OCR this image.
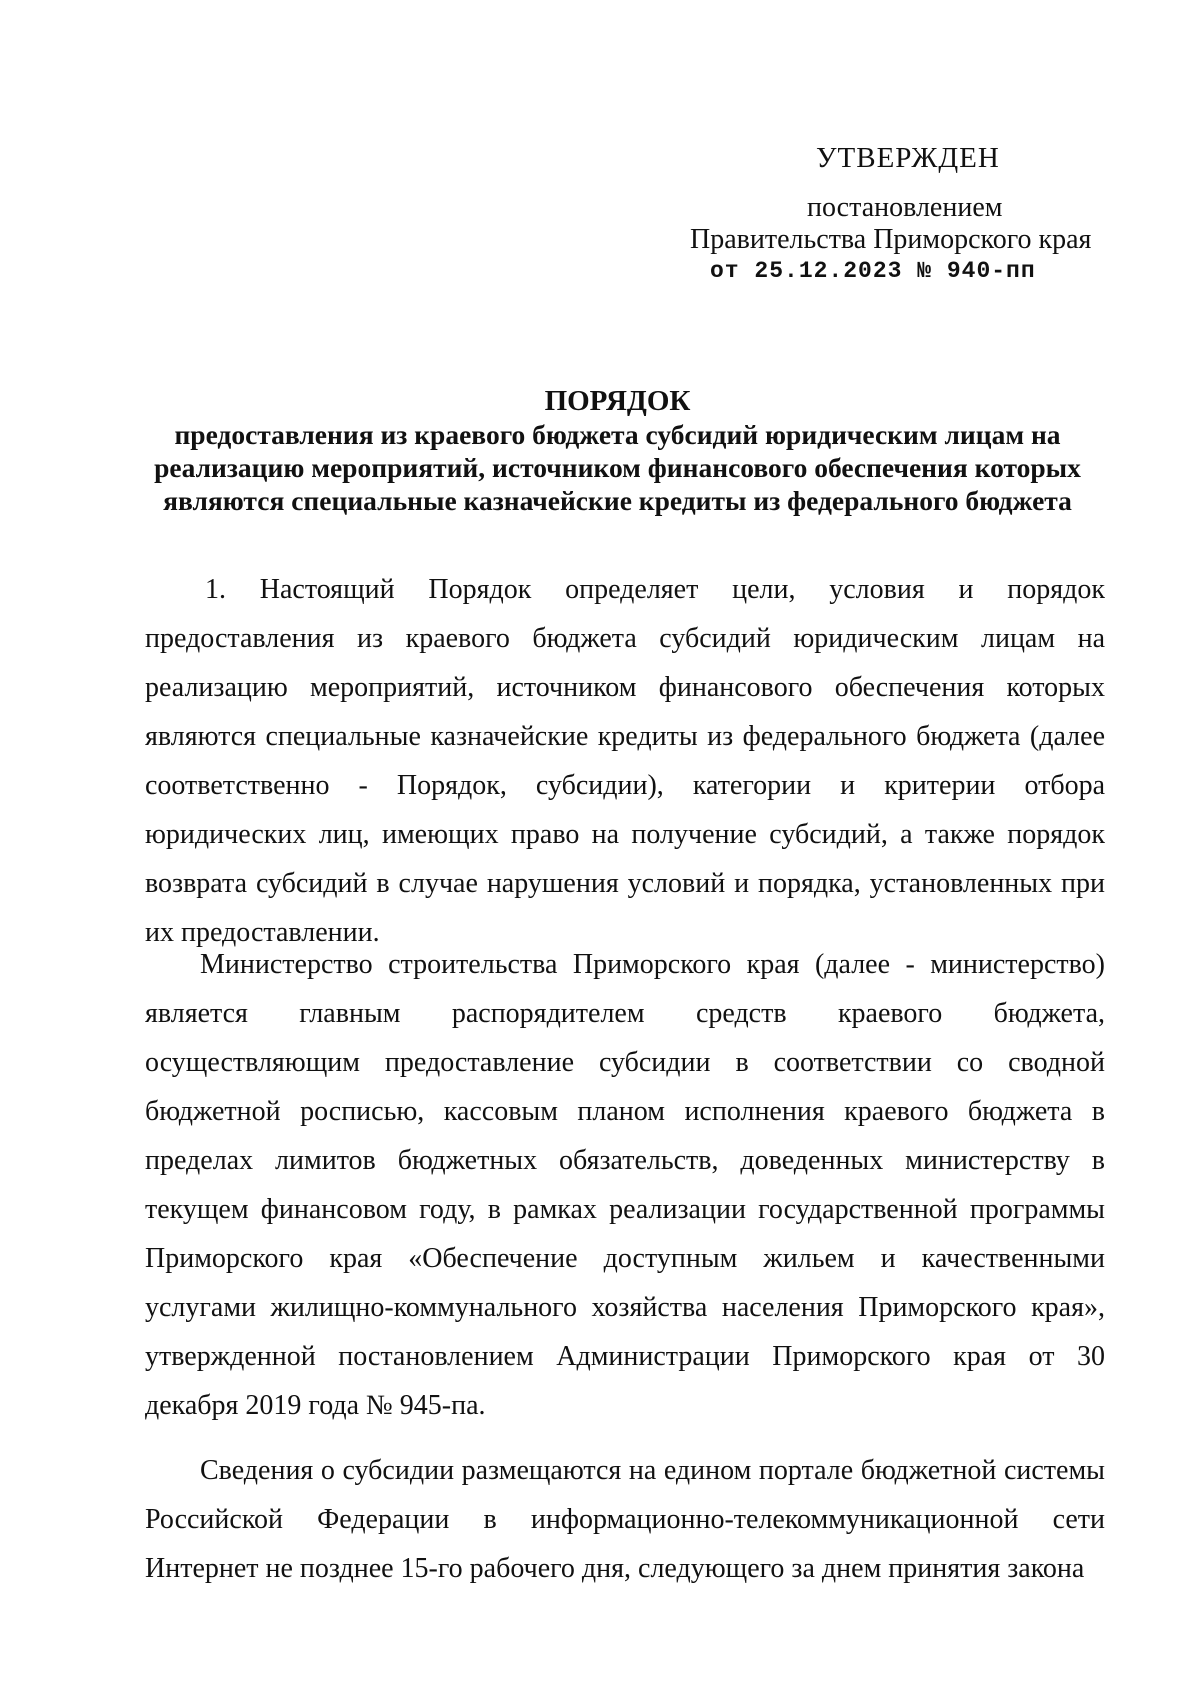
УТВЕРЖДЕН
постановлением
Правительства Приморского края
от 25.12.2023 № 940-пп
ПОРЯДОК
предоставления из краевого бюджета субсидий юридическим лицам на
реализацию мероприятий, источником финансового обеспечения которых
являются специальные казначейские кредиты из федерального бюджета

1. Настоящий Порядок определяет цели, условия и порядок предоставления из краевого бюджета субсидий юридическим лицам на реализацию мероприятий, источником финансового обеспечения которых являются специальные казначейские кредиты из федерального бюджета (далее соответственно - Порядок, субсидии), категории и критерии отбора юридических лиц, имеющих право на получение субсидий, а также порядок возврата субсидий в случае нарушения условий и порядка, установленных при их предоставлении.

Министерство строительства Приморского края (далее - министерство) является главным распорядителем средств краевого бюджета, осуществляющим предоставление субсидии в соответствии со сводной бюджетной росписью, кассовым планом исполнения краевого бюджета в пределах лимитов бюджетных обязательств, доведенных министерству в текущем финансовом году, в рамках реализации государственной программы Приморского края «Обеспечение доступным жильем и качественными услугами жилищно-коммунального хозяйства населения Приморского края», утвержденной постановлением Администрации Приморского края от 30 декабря 2019 года № 945-па.

Сведения о субсидии размещаются на едином портале бюджетной системы Российской Федерации в информационно-телекоммуникационной сети Интернет не позднее 15-го рабочего дня, следующего за днем принятия закона
